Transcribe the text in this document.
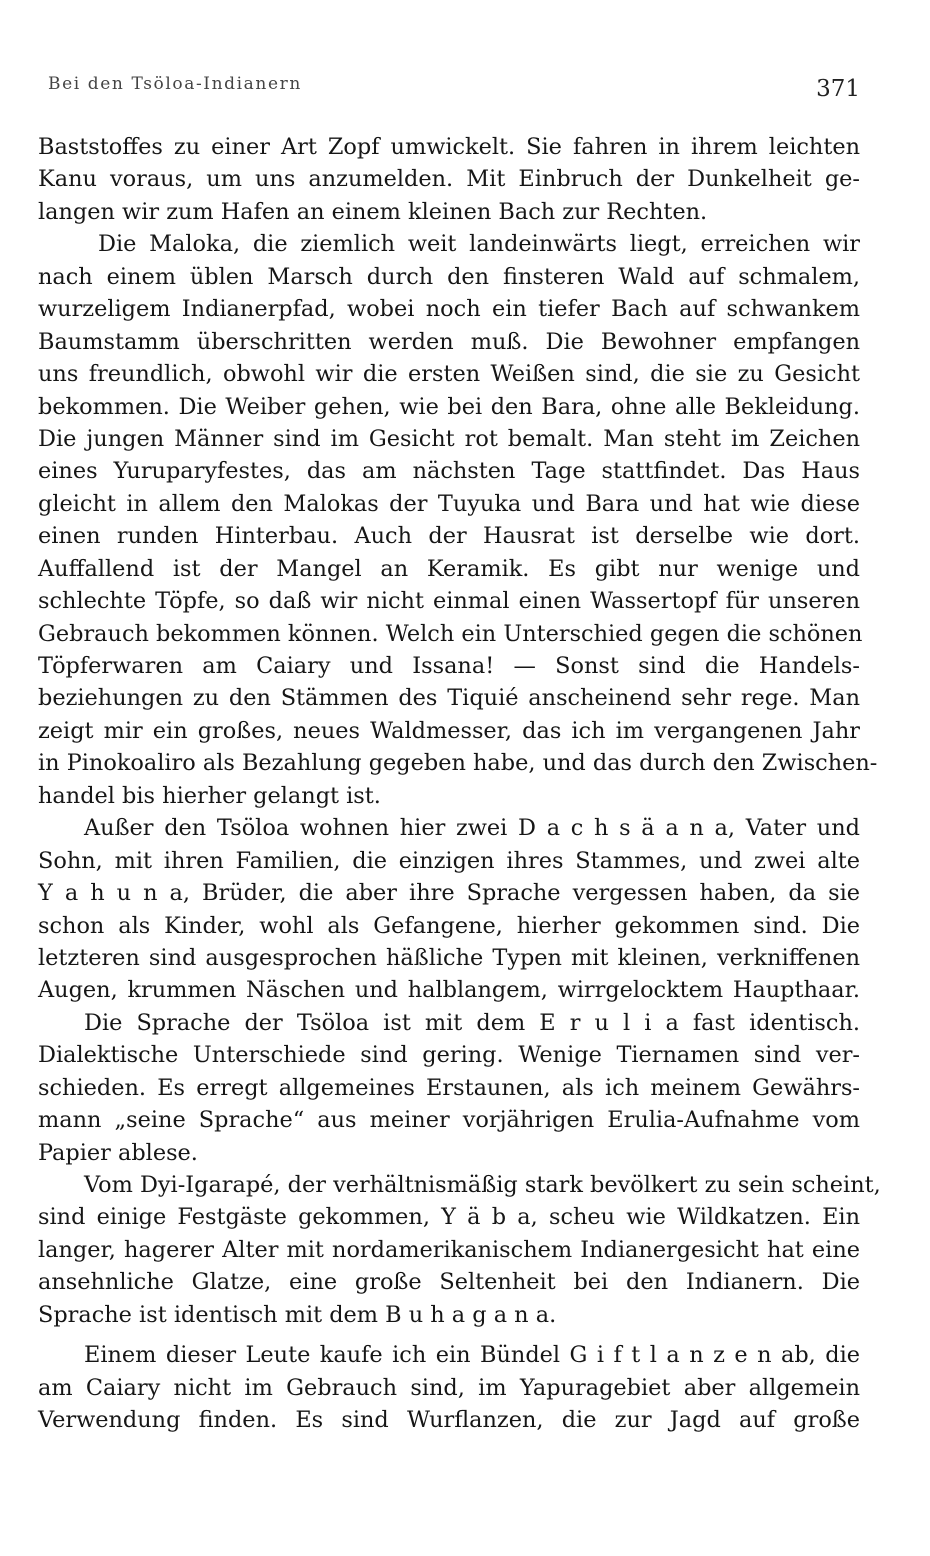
Bei den Tsöloa-Indianern	371
Baststoffes zu einer Art Zopf umwickelt. Sie fahren in ihrem leichten
Kanu voraus, um uns anzumelden. Mit Einbruch der Dunkelheit ge-
langen wir zum Hafen an einem kleinen Bach zur Rechten.
Die Maloka, die ziemlich weit landeinwärts liegt, erreichen wir
nach einem üblen Marsch durch den finsteren Wald auf schmalem,
wurzeligem Indianerpfad, wobei noch ein tiefer Bach auf schwankem
Baumstamm überschritten werden muß. Die Bewohner empfangen
uns freundlich, obwohl wir die ersten Weißen sind, die sie zu Gesicht
bekommen. Die Weiber gehen, wie bei den Bara, ohne alle Bekleidung.
Die jungen Männer sind im Gesicht rot bemalt. Man steht im Zeichen
eines Yuruparyfestes, das am nächsten Tage stattfindet. Das Haus
gleicht in allem den Malokas der Tuyuka und Bara und hat wie diese
einen runden Hinterbau. Auch der Hausrat ist derselbe wie dort.
Auffallend ist der Mangel an Keramik. Es gibt nur wenige und
schlechte Töpfe, so daß wir nicht einmal einen Wassertopf für unseren
Gebrauch bekommen können. Welch ein Unterschied gegen die schönen
Töpferwaren am Caiary und Issana! — Sonst sind die Handels-
beziehungen zu den Stämmen des Tiquié anscheinend sehr rege. Man
zeigt mir ein großes, neues Waldmesser, das ich im vergangenen Jahr
in Pinokoaliro als Bezahlung gegeben habe, und das durch den Zwischen-
handel bis hierher gelangt ist.
Außer den Tsöloa wohnen hier zwei D a c h s ä a n a, Vater und
Sohn, mit ihren Familien, die einzigen ihres Stammes, und zwei alte
Y a h u n a, Brüder, die aber ihre Sprache vergessen haben, da sie
schon als Kinder, wohl als Gefangene, hierher gekommen sind. Die
letzteren sind ausgesprochen häßliche Typen mit kleinen, verkniffenen
Augen, krummen Näschen und halblangem, wirrgelocktem Haupthaar.
Die Sprache der Tsöloa ist mit dem E r u l i a fast identisch.
Dialektische Unterschiede sind gering. Wenige Tiernamen sind ver-
schieden. Es erregt allgemeines Erstaunen, als ich meinem Gewährs-
mann „seine Sprache“ aus meiner vorjährigen Erulia-Aufnahme vom
Papier ablese.
Vom Dyi-Igarapé, der verhältnismäßig stark bevölkert zu sein scheint,
sind einige Festgäste gekommen, Y ä b a, scheu wie Wildkatzen. Ein
langer, hagerer Alter mit nordamerikanischem Indianergesicht hat eine
ansehnliche Glatze, eine große Seltenheit bei den Indianern. Die
Sprache ist identisch mit dem B u h a g a n a.
Einem dieser Leute kaufe ich ein Bündel G i f t l a n z e n ab, die
am Caiary nicht im Gebrauch sind, im Yapuragebiet aber allgemein
Verwendung finden. Es sind Wurflanzen, die zur Jagd auf große
